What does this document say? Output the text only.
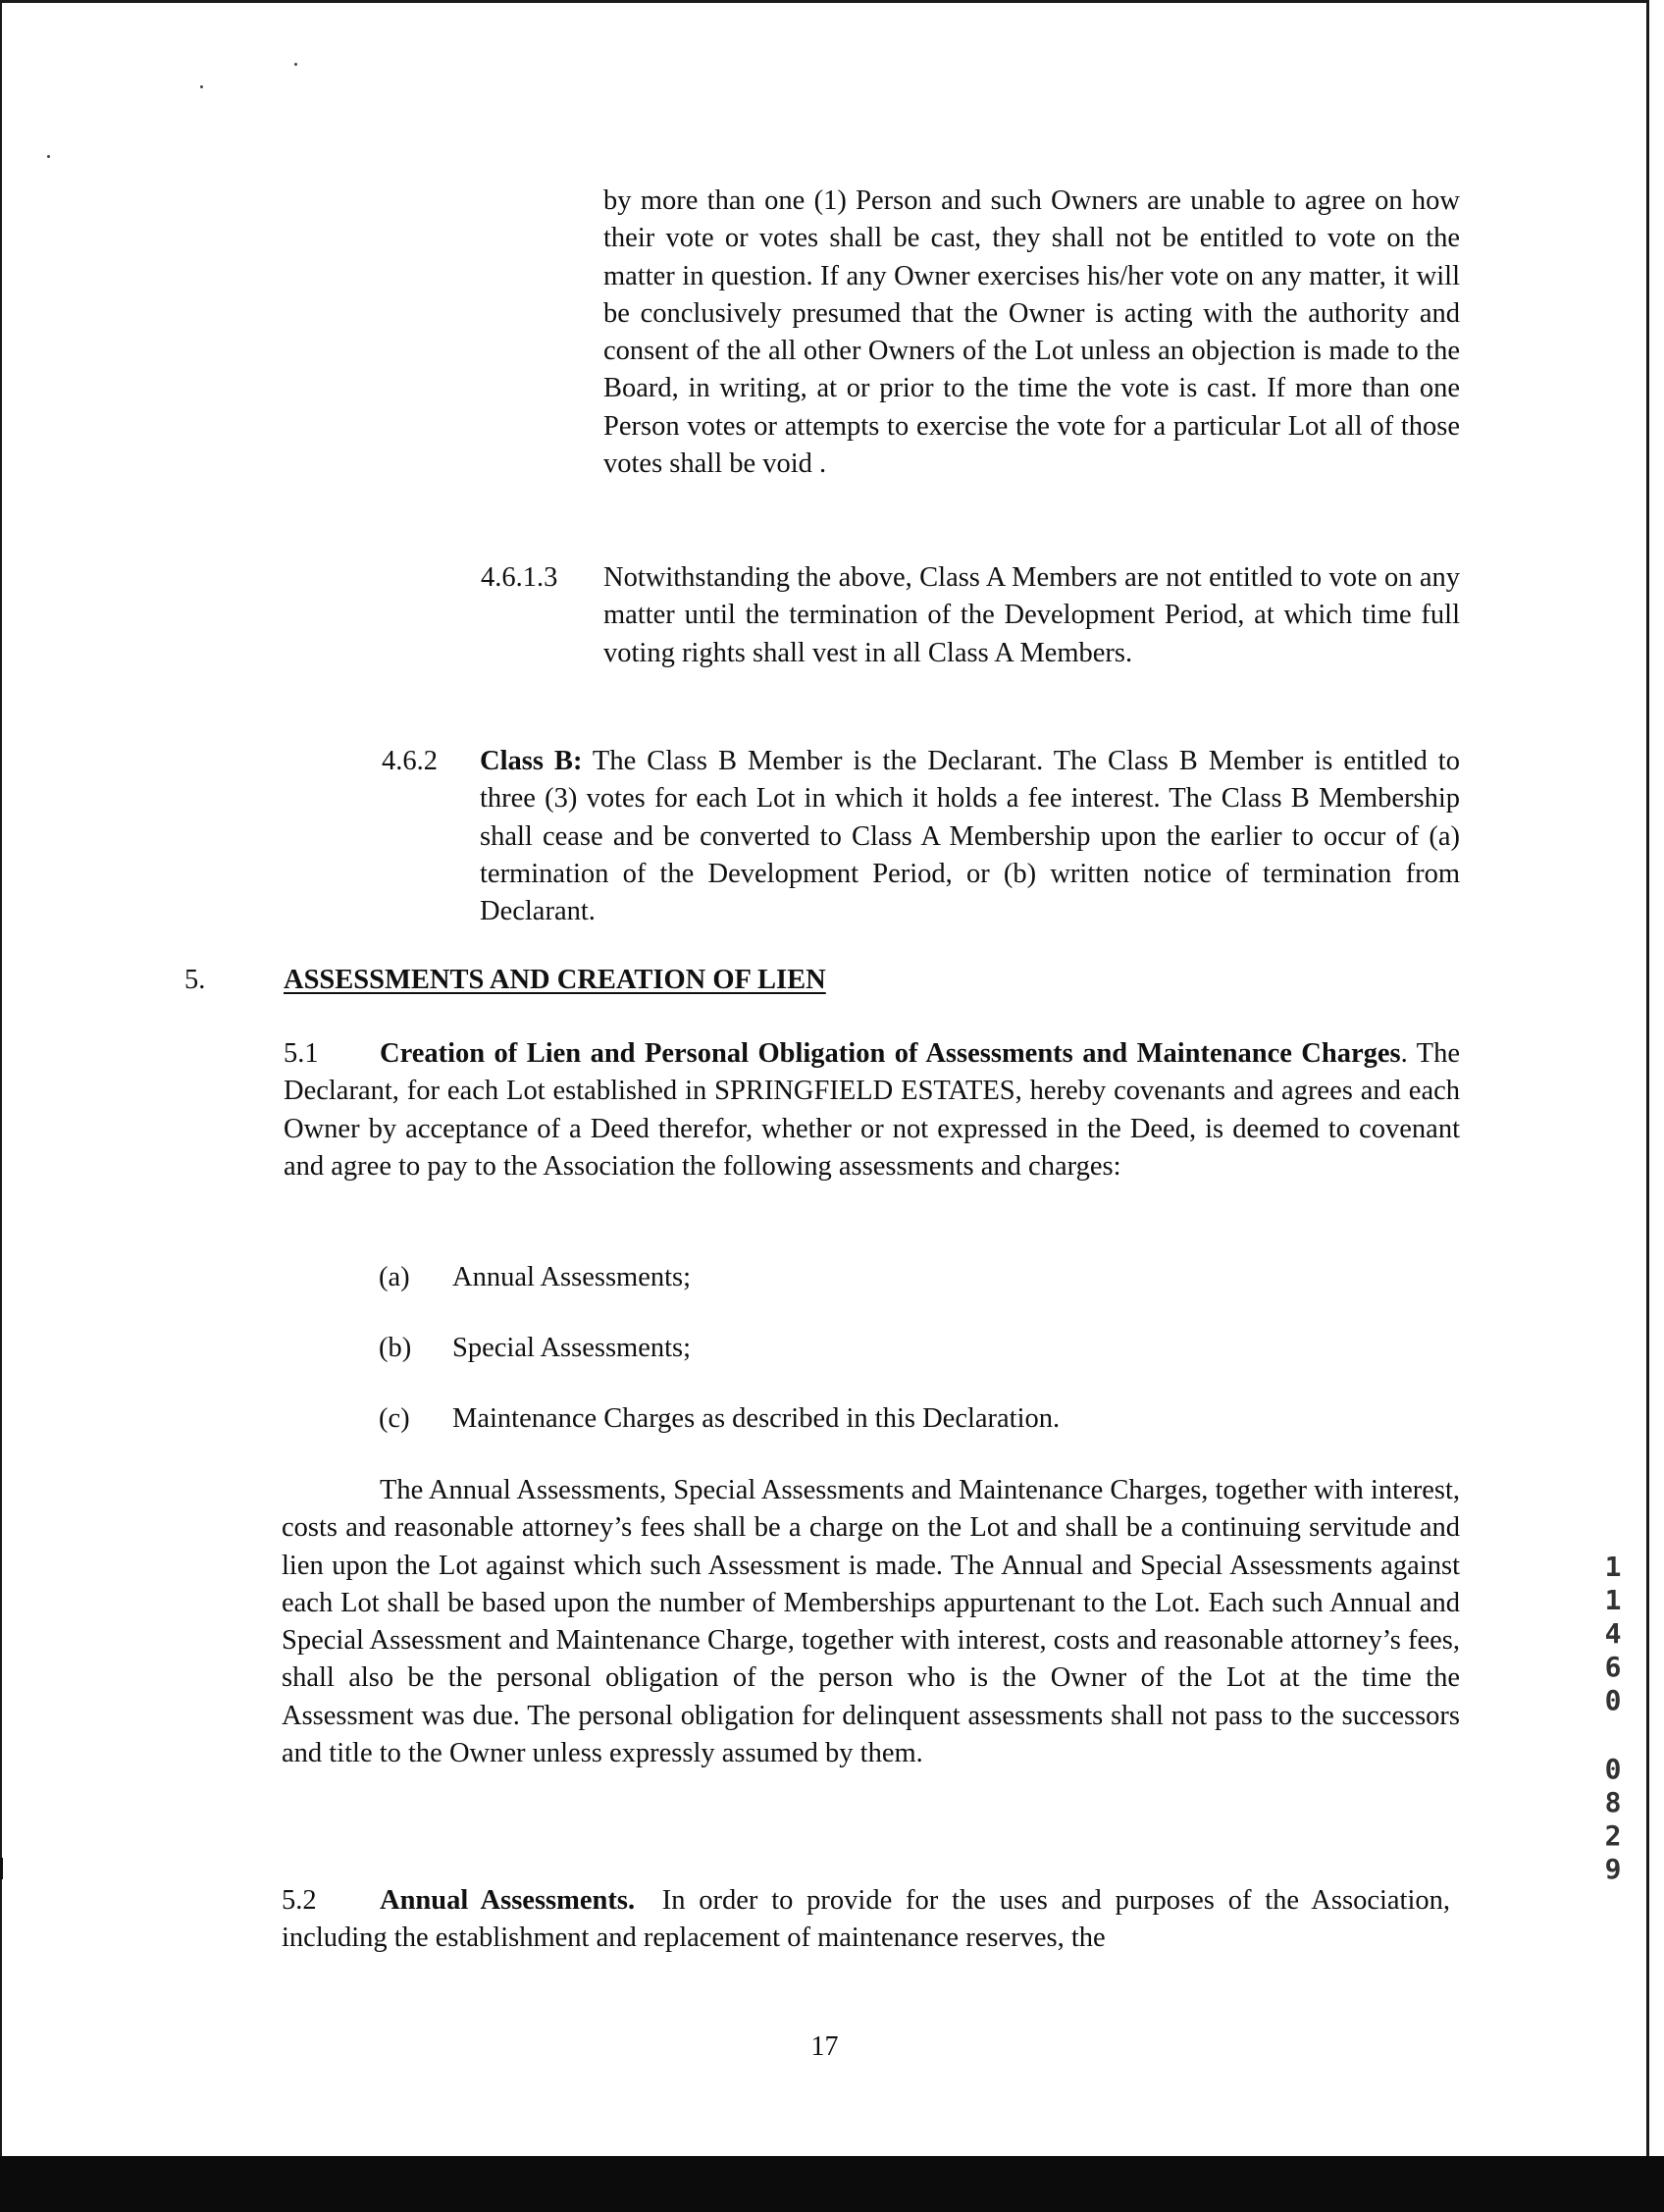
by more than one (1) Person and such Owners are unable to agree on how their vote or votes shall be cast, they shall not be entitled to vote on the matter in question. If any Owner exercises his/her vote on any matter, it will be conclusively presumed that the Owner is acting with the authority and consent of the all other Owners of the Lot unless an objection is made to the Board, in writing, at or prior to the time the vote is cast. If more than one Person votes or attempts to exercise the vote for a particular Lot all of those votes shall be void .
4.6.1.3 Notwithstanding the above, Class A Members are not entitled to vote on any matter until the termination of the Development Period, at which time full voting rights shall vest in all Class A Members.
4.6.2 Class B: The Class B Member is the Declarant. The Class B Member is entitled to three (3) votes for each Lot in which it holds a fee interest. The Class B Membership shall cease and be converted to Class A Membership upon the earlier to occur of (a) termination of the Development Period, or (b) written notice of termination from Declarant.
5.	ASSESSMENTS AND CREATION OF LIEN
5.1 Creation of Lien and Personal Obligation of Assessments and Maintenance Charges. The Declarant, for each Lot established in SPRINGFIELD ESTATES, hereby covenants and agrees and each Owner by acceptance of a Deed therefor, whether or not expressed in the Deed, is deemed to covenant and agree to pay to the Association the following assessments and charges:
(a) Annual Assessments;
(b) Special Assessments;
(c) Maintenance Charges as described in this Declaration.
The Annual Assessments, Special Assessments and Maintenance Charges, together with interest, costs and reasonable attorney’s fees shall be a charge on the Lot and shall be a continuing servitude and lien upon the Lot against which such Assessment is made. The Annual and Special Assessments against each Lot shall be based upon the number of Memberships appurtenant to the Lot. Each such Annual and Special Assessment and Maintenance Charge, together with interest, costs and reasonable attorney’s fees, shall also be the personal obligation of the person who is the Owner of the Lot at the time the Assessment was due. The personal obligation for delinquent assessments shall not pass to the successors and title to the Owner unless expressly assumed by them.
5.2 Annual Assessments. In order to provide for the uses and purposes of the Association, including the establishment and replacement of maintenance reserves, the
17
1
1
4
6
0
0
8
2
9
